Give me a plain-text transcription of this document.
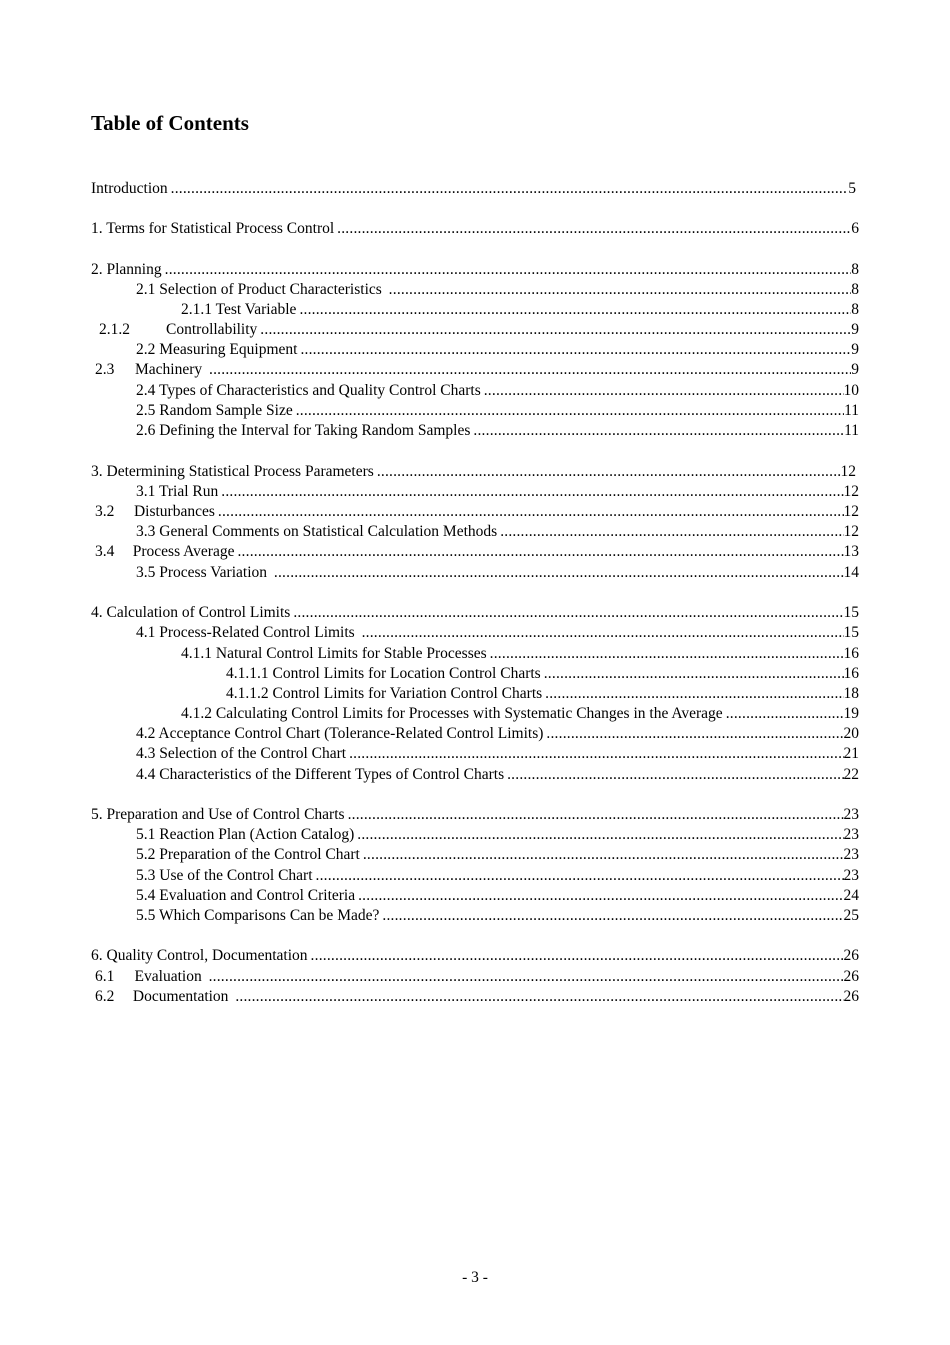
Table of Contents
Introduction .....	5
1. Terms for Statistical Process Control .....	6
2. Planning .....	8
2.1 Selection of Product Characteristics .....	8
2.1.1 Test Variable .....	8
2.1.2	Controllability .....	9
2.2 Measuring Equipment .....	9
2.3	Machinery .....	9
2.4 Types of Characteristics and Quality Control Charts .....	10
2.5 Random Sample Size .....	11
2.6 Defining the Interval for Taking Random Samples .....	11
3. Determining Statistical Process Parameters .....	12
3.1 Trial Run .....	12
3.2	Disturbances .....	12
3.3 General Comments on Statistical Calculation Methods .....	12
3.4	Process Average .....	13
3.5 Process Variation .....	14
4. Calculation of Control Limits .....	15
4.1 Process-Related Control Limits .....	15
4.1.1 Natural Control Limits for Stable Processes .....	16
4.1.1.1 Control Limits for Location Control Charts .....	16
4.1.1.2 Control Limits for Variation Control Charts .....	18
4.1.2 Calculating Control Limits for Processes with Systematic Changes in the Average .....	19
4.2 Acceptance Control Chart (Tolerance-Related Control Limits) .....	20
4.3 Selection of the Control Chart .....	21
4.4 Characteristics of the Different Types of Control Charts .....	22
5. Preparation and Use of Control Charts .....	23
5.1 Reaction Plan (Action Catalog) .....	23
5.2 Preparation of the Control Chart .....	23
5.3 Use of the Control Chart .....	23
5.4 Evaluation and Control Criteria .....	24
5.5 Which Comparisons Can be Made? .....	25
6. Quality Control, Documentation .....	26
6.1	Evaluation .....	26
6.2	Documentation .....	26
- 3 -
